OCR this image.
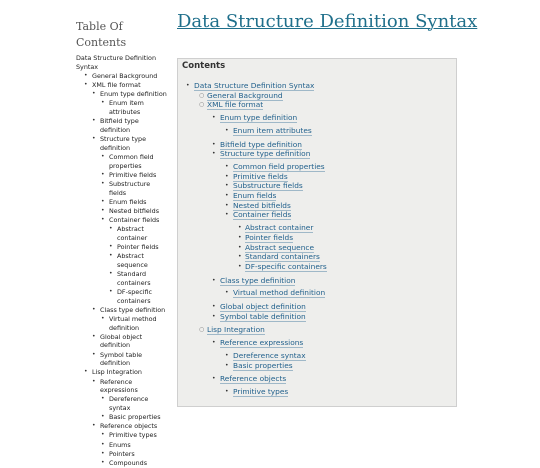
Table Of Contents
Data Structure Definition Syntax
• General Background
• XML file format
• Enum type definition
• Enum item attributes
• Bitfield type definition
• Structure type definition
• Common field properties
• Primitive fields
• Substructure fields
• Enum fields
• Nested bitfields
• Container fields
• Abstract container
• Pointer fields
• Abstract sequence
• Standard containers
• DF-specific containers
• Class type definition
• Virtual method definition
• Global object definition
• Symbol table definition
• Lisp Integration
• Reference expressions
• Dereference syntax
• Basic properties
• Reference objects
• Primitive types
• Enums
• Pointers
• Compounds
Data Structure Definition Syntax
Contents
• Data Structure Definition Syntax
○ General Background
○ XML file format
• Enum type definition
• Enum item attributes
• Bitfield type definition
• Structure type definition
• Common field properties
• Primitive fields
• Substructure fields
• Enum fields
• Nested bitfields
• Container fields
• Abstract container
• Pointer fields
• Abstract sequence
• Standard containers
• DF-specific containers
• Class type definition
• Virtual method definition
• Global object definition
• Symbol table definition
○ Lisp Integration
• Reference expressions
• Dereference syntax
• Basic properties
• Reference objects
• Primitive types
